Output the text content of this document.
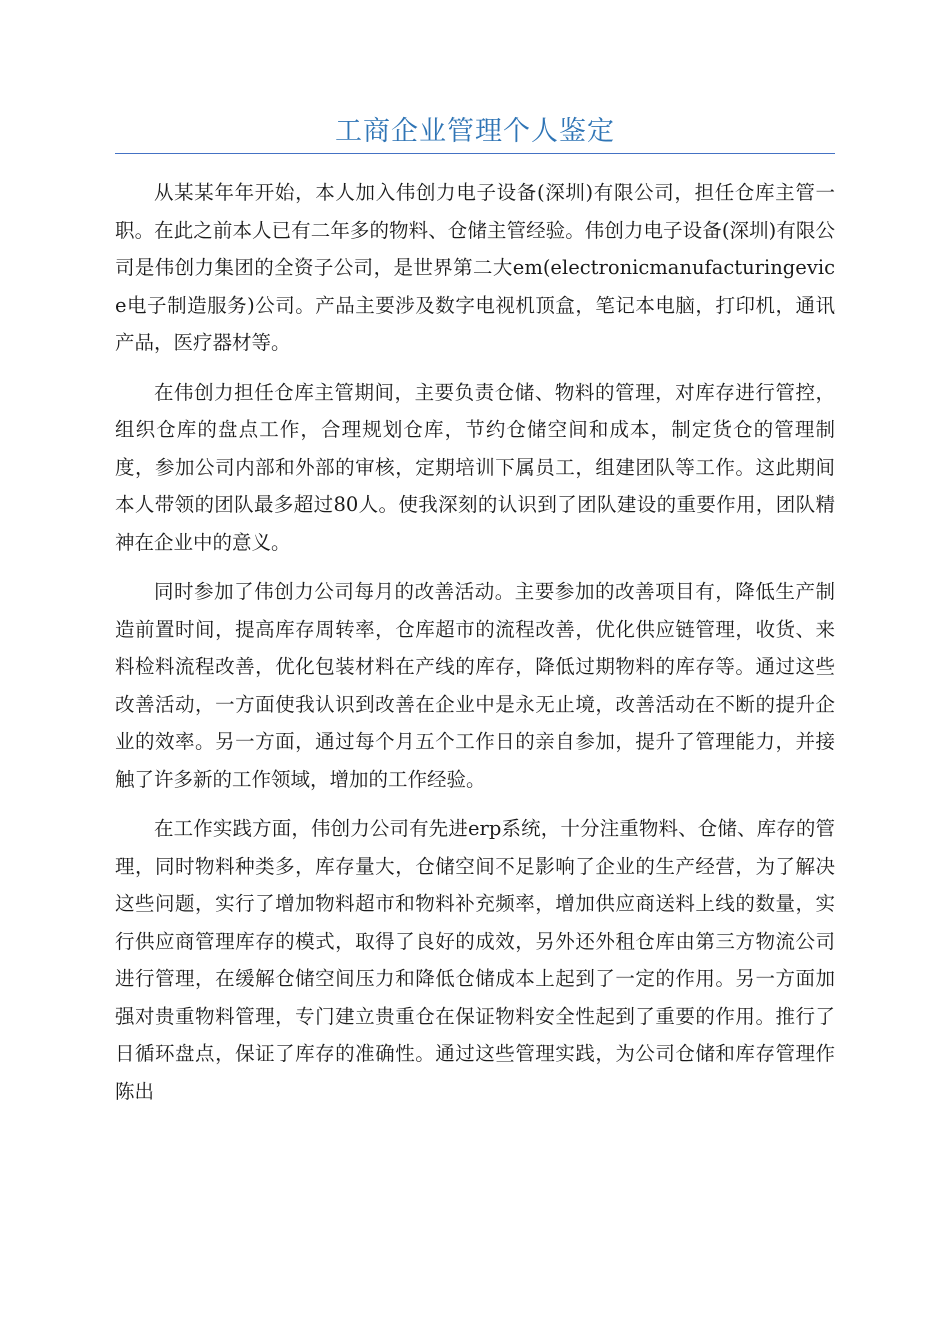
工商企业管理个人鉴定

从某某年年开始，本人加入伟创力电子设备(深圳)有限公司，担任仓库主管一职。在此之前本人已有二年多的物料、仓储主管经验。伟创力电子设备(深圳)有限公司是伟创力集团的全资子公司，是世界第二大em(electronicmanufacturingevice电子制造服务)公司。产品主要涉及数字电视机顶盒，笔记本电脑，打印机，通讯产品，医疗器材等。

在伟创力担任仓库主管期间，主要负责仓储、物料的管理，对库存进行管控，组织仓库的盘点工作，合理规划仓库，节约仓储空间和成本，制定货仓的管理制度，参加公司内部和外部的审核，定期培训下属员工，组建团队等工作。这此期间本人带领的团队最多超过80人。使我深刻的认识到了团队建设的重要作用，团队精神在企业中的意义。

同时参加了伟创力公司每月的改善活动。主要参加的改善项目有，降低生产制造前置时间，提高库存周转率，仓库超市的流程改善，优化供应链管理，收货、来料检料流程改善，优化包装材料在产线的库存，降低过期物料的库存等。通过这些改善活动，一方面使我认识到改善在企业中是永无止境，改善活动在不断的提升企业的效率。另一方面，通过每个月五个工作日的亲自参加，提升了管理能力，并接触了许多新的工作领域，增加的工作经验。

在工作实践方面，伟创力公司有先进erp系统，十分注重物料、仓储、库存的管理，同时物料种类多，库存量大，仓储空间不足影响了企业的生产经营，为了解决这些问题，实行了增加物料超市和物料补充频率，增加供应商送料上线的数量，实行供应商管理库存的模式，取得了良好的成效，另外还外租仓库由第三方物流公司进行管理，在缓解仓储空间压力和降低仓储成本上起到了一定的作用。另一方面加强对贵重物料管理，专门建立贵重仓在保证物料安全性起到了重要的作用。推行了日循环盘点，保证了库存的准确性。通过这些管理实践，为公司仓储和库存管理作陈出
